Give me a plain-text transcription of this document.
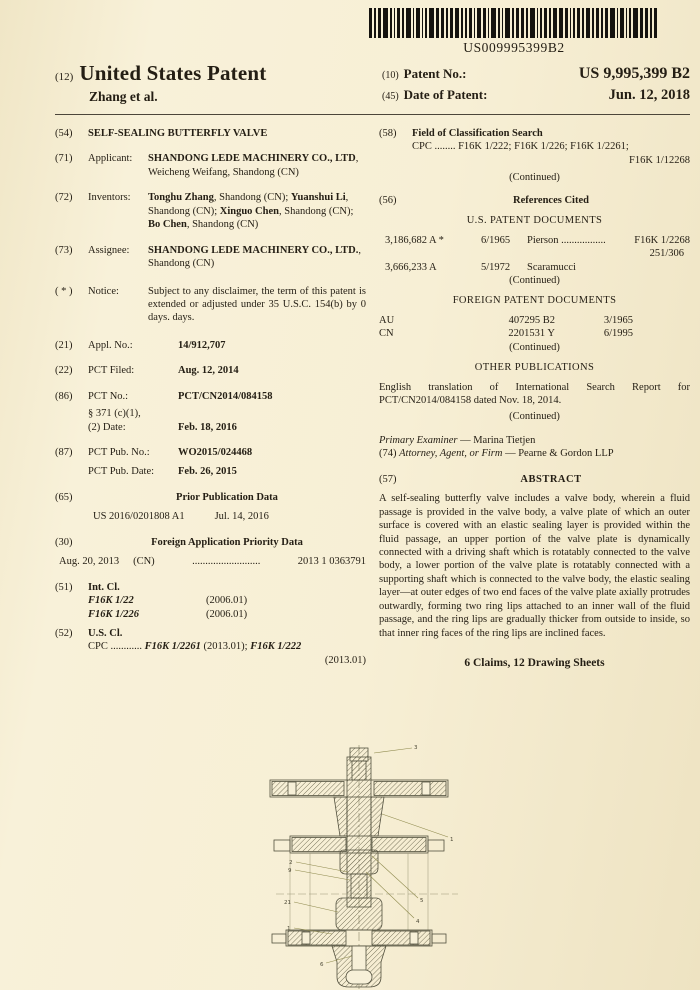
US009995399B2
(12) United States Patent
Zhang et al.
(10) Patent No.:	US 9,995,399 B2
(45) Date of Patent:	Jun. 12, 2018
(54)	SELF-SEALING BUTTERFLY VALVE
(71)	Applicant:	SHANDONG LEDE MACHINERY CO., LTD, Weicheng Weifang, Shandong (CN)
(72)	Inventors:	Tonghu Zhang, Shandong (CN); Yuanshui Li, Shandong (CN); Xinguo Chen, Shandong (CN); Bo Chen, Shandong (CN)
(73)	Assignee:	SHANDONG LEDE MACHINERY CO., LTD., Shandong (CN)
( * )	Notice:	Subject to any disclaimer, the term of this patent is extended or adjusted under 35 U.S.C. 154(b) by 0 days. days.
(21)	Appl. No.:	14/912,707
(22)	PCT Filed:	Aug. 12, 2014
(86)	PCT No.:	PCT/CN2014/084158
§ 371 (c)(1),
(2) Date:	Feb. 18, 2016
(87)	PCT Pub. No.:	WO2015/024468
PCT Pub. Date:	Feb. 26, 2015
(65)	Prior Publication Data
US 2016/0201808 A1	Jul. 14, 2016
(30)	Foreign Application Priority Data
Aug. 20, 2013 (CN)	..........................	2013 1 0363791
(51)	Int. Cl.
F16K 1/22	(2006.01)
F16K 1/226	(2006.01)
(52)	U.S. Cl.
CPC ............ F16K 1/2261 (2013.01); F16K 1/222
(2013.01)
(58)	Field of Classification Search
CPC ........ F16K 1/222; F16K 1/226; F16K 1/2261;
F16K 1/12268
(Continued)
(56)	References Cited
U.S. PATENT DOCUMENTS
3,186,682 A *	6/1965	Pierson .................	F16K 1/2268
251/306
3,666,233 A	5/1972	Scaramucci
(Continued)
FOREIGN PATENT DOCUMENTS
AU	407295 B2	3/1965
CN	2201531 Y	6/1995
(Continued)
OTHER PUBLICATIONS
English translation of International Search Report for PCT/CN2014/084158 dated Nov. 18, 2014.
(Continued)
Primary Examiner — Marina Tietjen
(74) Attorney, Agent, or Firm — Pearne & Gordon LLP
(57)	ABSTRACT
A self-sealing butterfly valve includes a valve body, wherein a fluid passage is provided in the valve body, a valve plate of which an outer surface is covered with an elastic sealing layer is provided within the fluid passage, an upper portion of the valve plate is dynamically connected with a driving shaft which is rotatably connected to the valve body, a lower portion of the valve plate is rotatably connected with a supporting shaft which is connected to the valve body, the elastic sealing layer—at outer edges of two end faces of the valve plate axially protrudes outwardly, forming two ring lips attached to an inner wall of the fluid passage, and the ring lips are gradually thicker from outside to inside, so that inner ring faces of the ring lips are inclined faces.
6 Claims, 12 Drawing Sheets
3
1
5
4
2
9
21
1
6
